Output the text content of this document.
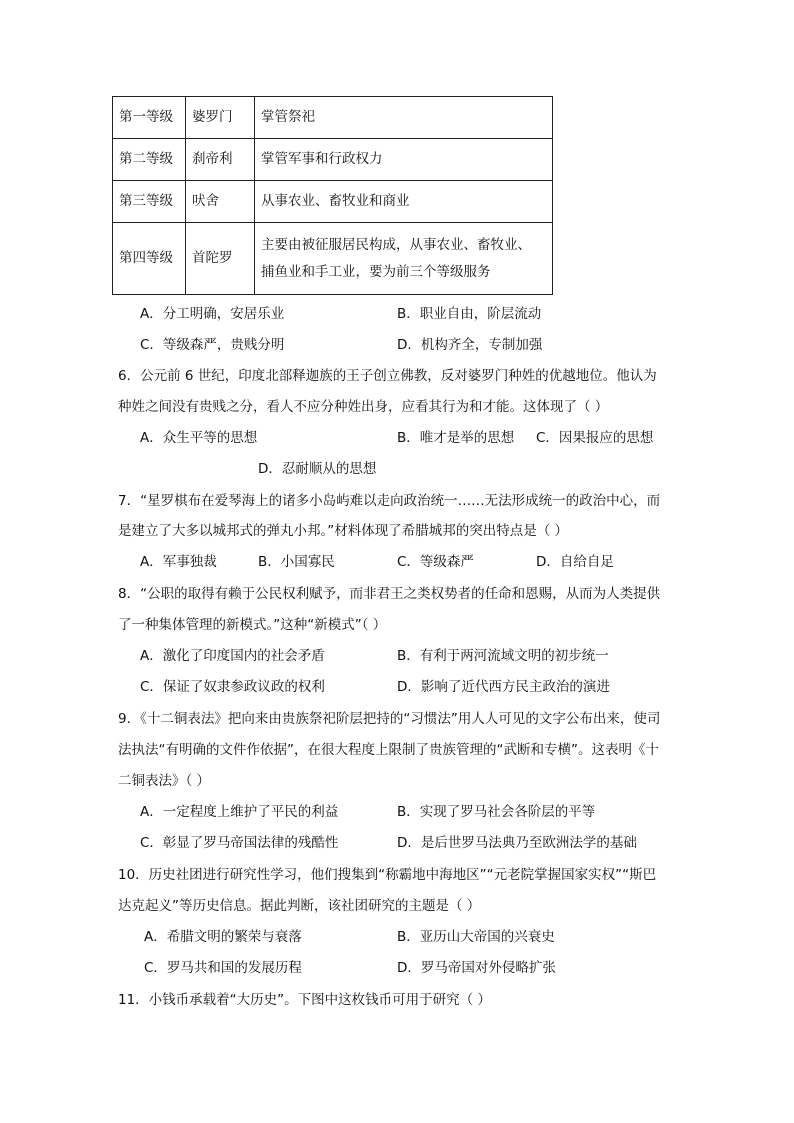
第一等级	婆罗门	掌管祭祀
第二等级	刹帝利	掌管军事和行政权力
第三等级	吠舍	从事农业、畜牧业和商业
第四等级	首陀罗	主要由被征服居民构成，从事农业、畜牧业、
捕鱼业和手工业，要为前三个等级服务
A．分工明确，安居乐业	B．职业自由，阶层流动
C．等级森严，贵贱分明	D．机构齐全，专制加强
6．公元前 6 世纪，印度北部释迦族的王子创立佛教，反对婆罗门种姓的优越地位。他认为
种姓之间没有贵贱之分，看人不应分种姓出身，应看其行为和才能。这体现了（ ）
A．众生平等的思想	B．唯才是举的思想 C．因果报应的思想
D．忍耐顺从的思想
7．“星罗棋布在爱琴海上的诸多小岛屿难以走向政治统一……无法形成统一的政治中心，而
是建立了大多以城邦式的弹丸小邦。”材料体现了希腊城邦的突出特点是（ ）
A．军事独裁	B．小国寡民	C．等级森严	D．自给自足
8．“公职的取得有赖于公民权利赋予，而非君王之类权势者的任命和恩赐，从而为人类提供
了一种集体管理的新模式。”这种“新模式”（ ）
A．激化了印度国内的社会矛盾	B．有利于两河流域文明的初步统一
C．保证了奴隶参政议政的权利	D．影响了近代西方民主政治的演进
9．《十二铜表法》把向来由贵族祭祀阶层把持的“习惯法”用人人可见的文字公布出来，使司
法执法“有明确的文件作依据”，在很大程度上限制了贵族管理的“武断和专横”。这表明《十
二铜表法》（ ）
A．一定程度上维护了平民的利益	B．实现了罗马社会各阶层的平等
C．彰显了罗马帝国法律的残酷性	D．是后世罗马法典乃至欧洲法学的基础
10．历史社团进行研究性学习，他们搜集到“称霸地中海地区”“元老院掌握国家实权”“斯巴
达克起义”等历史信息。据此判断，该社团研究的主题是（ ）
A．希腊文明的繁荣与衰落	B．亚历山大帝国的兴衰史
C．罗马共和国的发展历程	D．罗马帝国对外侵略扩张
11．小钱币承载着“大历史”。下图中这枚钱币可用于研究（ ）
